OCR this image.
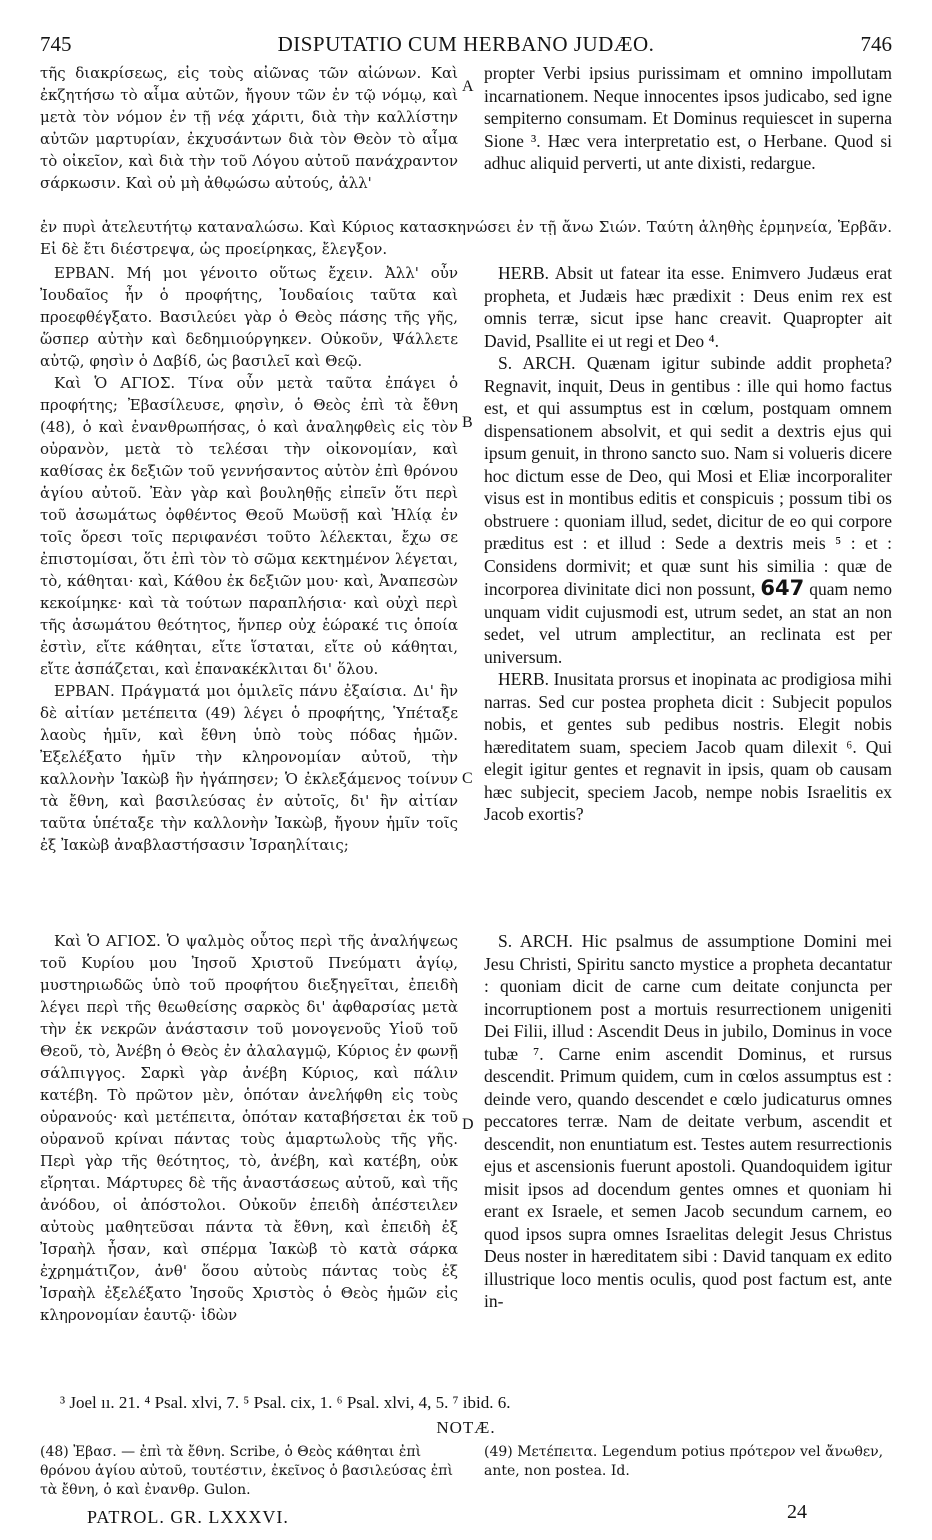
745	DISPUTATIO CUM HERBANO JUDÆO.	746

τῆς διακρίσεως, εἰς τοὺς αἰῶνας τῶν αἰώνων. Καὶ ἐκζητήσω τὸ αἷμα αὐτῶν, ἤγουν τῶν ἐν τῷ νόμῳ, καὶ μετὰ τὸν νόμον ἐν τῇ νέᾳ χάριτι, διὰ τὴν καλλίστην αὐτῶν μαρτυρίαν, ἐκχυσάντων διὰ τὸν Θεὸν τὸ αἷμα τὸ οἰκεῖον, καὶ διὰ τὴν τοῦ Λόγου αὐτοῦ πανάχραντον σάρκωσιν. Καὶ οὐ μὴ ἀθῳώσω αὐτούς, ἀλλ'

propter Verbi ipsius purissimam et omnino impollutam incarnationem. Neque innocentes ipsos judicabo, sed igne sempiterno consumam. Et Dominus requiescet in superna Sione ³. Hæc vera interpretatio est, o Herbane. Quod si adhuc aliquid perverti, ut ante dixisti, redargue.

ἐν πυρὶ ἀτελευτήτῳ καταναλώσω. Καὶ Κύριος κατασκηνώσει ἐν τῇ ἄνω Σιών. Ταύτη ἀληθὴς ἑρμηνεία, Ἑρβᾶν. Εἰ δὲ ἔτι διέστρεψα, ὡς προείρηκας, ἔλεγξον.

ΕΡΒΑΝ. Μή μοι γένοιτο οὕτως ἔχειν. Ἀλλ' οὖν Ἰουδαῖος ἦν ὁ προφήτης, Ἰουδαίοις ταῦτα καὶ προεφθέγξατο. Βασιλεύει γὰρ ὁ Θεὸς πάσης τῆς γῆς, ὥσπερ αὐτὴν καὶ δεδημιούργηκεν. Οὐκοῦν, Ψάλλετε αὐτῷ, φησὶν ὁ Δαβίδ, ὡς βασιλεῖ καὶ Θεῷ.

Καὶ Ὁ ΑΓΙΟΣ. Τίνα οὖν μετὰ ταῦτα ἐπάγει ὁ προφήτης; Ἐβασίλευσε, φησὶν, ὁ Θεὸς ἐπὶ τὰ ἔθνη (48), ὁ καὶ ἐνανθρωπήσας, ὁ καὶ ἀναληφθεὶς εἰς τὸν οὐρανὸν, μετὰ τὸ τελέσαι τὴν οἰκονομίαν, καὶ καθίσας ἐκ δεξιῶν τοῦ γεννήσαντος αὐτὸν ἐπὶ θρόνου ἁγίου αὐτοῦ. Ἐὰν γὰρ καὶ βουληθῇς εἰπεῖν ὅτι περὶ τοῦ ἀσωμάτως ὀφθέντος Θεοῦ Μωϋσῇ καὶ Ἠλίᾳ ἐν τοῖς ὄρεσι τοῖς περιφανέσι τοῦτο λέλεκται, ἔχω σε ἐπιστομίσαι, ὅτι ἐπὶ τὸν τὸ σῶμα κεκτημένον λέγεται, τὸ, κάθηται· καὶ, Κάθου ἐκ δεξιῶν μου· καὶ, Ἀναπεσὼν κεκοίμηκε· καὶ τὰ τούτων παραπλήσια· καὶ οὐχὶ περὶ τῆς ἀσωμάτου θεότητος, ἥνπερ οὐχ ἑώρακέ τις ὁποία ἐστὶν, εἴτε κάθηται, εἴτε ἵσταται, εἴτε οὐ κάθηται, εἴτε ἀσπάζεται, καὶ ἐπανακέκλιται δι' ὅλου.

ΕΡΒΑΝ. Πράγματά μοι ὁμιλεῖς πάνυ ἐξαίσια. Δι' ἣν δὲ αἰτίαν μετέπειτα (49) λέγει ὁ προφήτης, Ὑπέταξε λαοὺς ἡμῖν, καὶ ἔθνη ὑπὸ τοὺς πόδας ἡμῶν. Ἐξελέξατο ἡμῖν τὴν κληρονομίαν αὐτοῦ, τὴν καλλονὴν Ἰακὼβ ἣν ἠγάπησεν; Ὁ ἐκλεξάμενος τοίνυν τὰ ἔθνη, καὶ βασιλεύσας ἐν αὐτοῖς, δι' ἣν αἰτίαν ταῦτα ὑπέταξε τὴν καλλονὴν Ἰακὼβ, ἤγουν ἡμῖν τοῖς ἐξ Ἰακὼβ ἀναβλαστήσασιν Ἰσραηλίταις;

HERB. Absit ut fatear ita esse. Enimvero Judæus erat propheta, et Judæis hæc prædixit : Deus enim rex est omnis terræ, sicut ipse hanc creavit. Quapropter ait David, Psallite ei ut regi et Deo ⁴.

S. ARCH. Quænam igitur subinde addit propheta? Regnavit, inquit, Deus in gentibus : ille qui homo factus est, et qui assumptus est in cœlum, postquam omnem dispensationem absolvit, et qui sedit a dextris ejus qui ipsum genuit, in throno sancto suo. Nam si volueris dicere hoc dictum esse de Deo, qui Mosi et Eliæ incorporaliter visus est in montibus editis et conspicuis ; possum tibi os obstruere : quoniam illud, sedet, dicitur de eo qui corpore præditus est : et illud : Sede a dextris meis ⁵ : et : Considens dormivit; et quæ sunt his similia : quæ de incorporea divinitate dici non possunt, 647 quam nemo unquam vidit cujusmodi est, utrum sedet, an stat an non sedet, vel utrum amplectitur, an reclinata est per universum.

HERB. Inusitata prorsus et inopinata ac prodigiosa mihi narras. Sed cur postea propheta dicit : Subjecit populos nobis, et gentes sub pedibus nostris. Elegit nobis hæreditatem suam, speciem Jacob quam dilexit ⁶. Qui elegit igitur gentes et regnavit in ipsis, quam ob causam hæc subjecit, speciem Jacob, nempe nobis Israelitis ex Jacob exortis?

Καὶ Ὁ ΑΓΙΟΣ. Ὁ ψαλμὸς οὗτος περὶ τῆς ἀναλήψεως τοῦ Κυρίου μου Ἰησοῦ Χριστοῦ Πνεύματι ἁγίῳ, μυστηριωδῶς ὑπὸ τοῦ προφήτου διεξηγεῖται, ἐπειδὴ λέγει περὶ τῆς θεωθείσης σαρκὸς δι' ἀφθαρσίας μετὰ τὴν ἐκ νεκρῶν ἀνάστασιν τοῦ μονογενοῦς Υἱοῦ τοῦ Θεοῦ, τὸ, Ἀνέβη ὁ Θεὸς ἐν ἀλαλαγμῷ, Κύριος ἐν φωνῇ σάλπιγγος. Σαρκὶ γὰρ ἀνέβη Κύριος, καὶ πάλιν κατέβη. Τὸ πρῶτον μὲν, ὁπόταν ἀνελήφθη εἰς τοὺς οὐρανούς· καὶ μετέπειτα, ὁπόταν καταβήσεται ἐκ τοῦ οὐρανοῦ κρίναι πάντας τοὺς ἁμαρτωλοὺς τῆς γῆς. Περὶ γὰρ τῆς θεότητος, τὸ, ἀνέβη, καὶ κατέβη, οὐκ εἴρηται. Μάρτυρες δὲ τῆς ἀναστάσεως αὐτοῦ, καὶ τῆς ἀνόδου, οἱ ἀπόστολοι. Οὐκοῦν ἐπειδὴ ἀπέστειλεν αὐτοὺς μαθητεῦσαι πάντα τὰ ἔθνη, καὶ ἐπειδὴ ἐξ Ἰσραὴλ ἦσαν, καὶ σπέρμα Ἰακὼβ τὸ κατὰ σάρκα ἐχρημάτιζον, ἀνθ' ὅσου αὐτοὺς πάντας τοὺς ἐξ Ἰσραὴλ ἐξελέξατο Ἰησοῦς Χριστὸς ὁ Θεὸς ἡμῶν εἰς κληρονομίαν ἑαυτῷ· ἰδὼν

S. ARCH. Hic psalmus de assumptione Domini mei Jesu Christi, Spiritu sancto mystice a propheta decantatur : quoniam dicit de carne cum deitate conjuncta per incorruptionem post a mortuis resurrectionem unigeniti Dei Filii, illud : Ascendit Deus in jubilo, Dominus in voce tubæ ⁷. Carne enim ascendit Dominus, et rursus descendit. Primum quidem, cum in cœlos assumptus est : deinde vero, quando descendet e cœlo judicaturus omnes peccatores terræ. Nam de deitate verbum, ascendit et descendit, non enuntiatum est. Testes autem resurrectionis ejus et ascensionis fuerunt apostoli. Quandoquidem igitur misit ipsos ad docendum gentes omnes et quoniam hi erant ex Israele, et semen Jacob secundum carnem, eo quod ipsos supra omnes Israelitas delegit Jesus Christus Deus noster in hæreditatem sibi : David tanquam ex edito illustrique loco mentis oculis, quod post factum est, ante in-

A
B
C
D
³ Joel ıı. 21. ⁴ Psal. xlvi, 7. ⁵ Psal. cix, 1. ⁶ Psal. xlvi, 4, 5. ⁷ ibid. 6.
NOTÆ.
(48) Ἐβασ. — ἐπὶ τὰ ἔθνη. Scribe, ὁ Θεὸς κάθηται ἐπὶ θρόνου ἁγίου αὐτοῦ, τουτέστιν, ἐκεῖνος ὁ βασιλεύσας ἐπὶ τὰ ἔθνη, ὁ καὶ ἐνανθρ. Gulon.
(49) Μετέπειτα. Legendum potius πρότερον vel ἄνωθεν, ante, non postea. Id.
PATROL. GR. LXXXVI.	24
